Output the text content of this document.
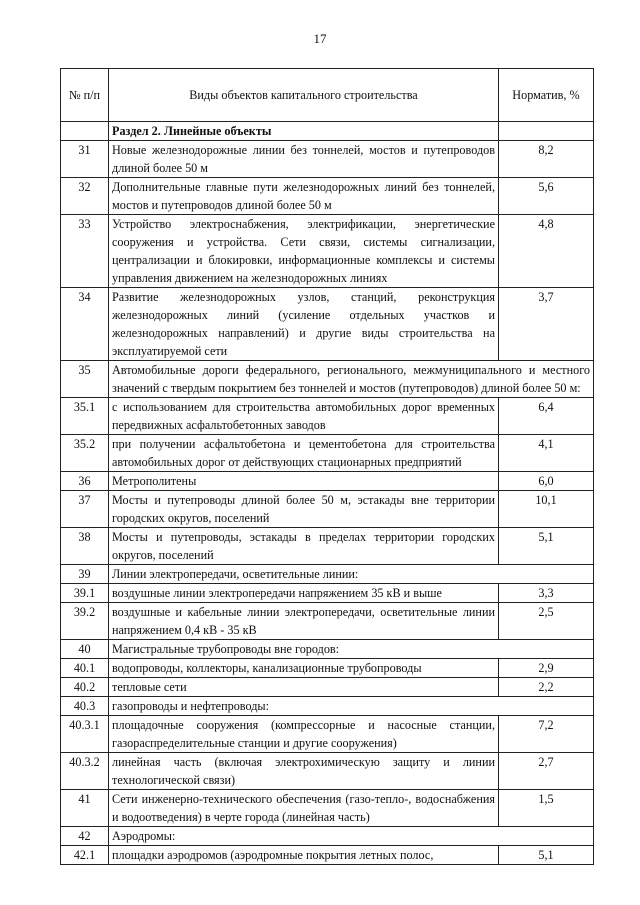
17
№ п/п	Виды объектов капитального строительства	Норматив, %
	Раздел 2. Линейные объекты	
31	Новые железнодорожные линии без тоннелей, мостов и путепроводов длиной более 50 м	8,2
32	Дополнительные главные пути железнодорожных линий без тоннелей, мостов и путепроводов длиной более 50 м	5,6
33	Устройство электроснабжения, электрификации, энергетические сооружения и устройства. Сети связи, системы сигнализации, централизации и блокировки, информационные комплексы и системы управления движением на железнодорожных линиях	4,8
34	Развитие железнодорожных узлов, станций, реконструкция железнодорожных линий (усиление отдельных участков и железнодорожных направлений) и другие виды строительства на эксплуатируемой сети	3,7
35	Автомобильные дороги федерального, регионального, межмуниципального и местного значений с твердым покрытием без тоннелей и мостов (путепроводов) длиной более 50 м:	
35.1	с использованием для строительства автомобильных дорог временных передвижных асфальтобетонных заводов	6,4
35.2	при получении асфальтобетона и цементобетона для строительства автомобильных дорог от действующих стационарных предприятий	4,1
36	Метрополитены	6,0
37	Мосты и путепроводы длиной более 50 м, эстакады вне территории городских округов, поселений	10,1
38	Мосты и путепроводы, эстакады в пределах территории городских округов, поселений	5,1
39	Линии электропередачи, осветительные линии:	
39.1	воздушные линии электропередачи напряжением 35 кВ и выше	3,3
39.2	воздушные и кабельные линии электропередачи, осветительные линии напряжением 0,4 кВ - 35 кВ	2,5
40	Магистральные трубопроводы вне городов:	
40.1	водопроводы, коллекторы, канализационные трубопроводы	2,9
40.2	тепловые сети	2,2
40.3	газопроводы и нефтепроводы:	
40.3.1	площадочные сооружения (компрессорные и насосные станции, газораспределительные станции и другие сооружения)	7,2
40.3.2	линейная часть (включая электрохимическую защиту и линии технологической связи)	2,7
41	Сети инженерно-технического обеспечения (газо-тепло-, водоснабжения и водоотведения) в черте города (линейная часть)	1,5
42	Аэродромы:	
42.1	площадки аэродромов (аэродромные покрытия летных полос,	5,1
